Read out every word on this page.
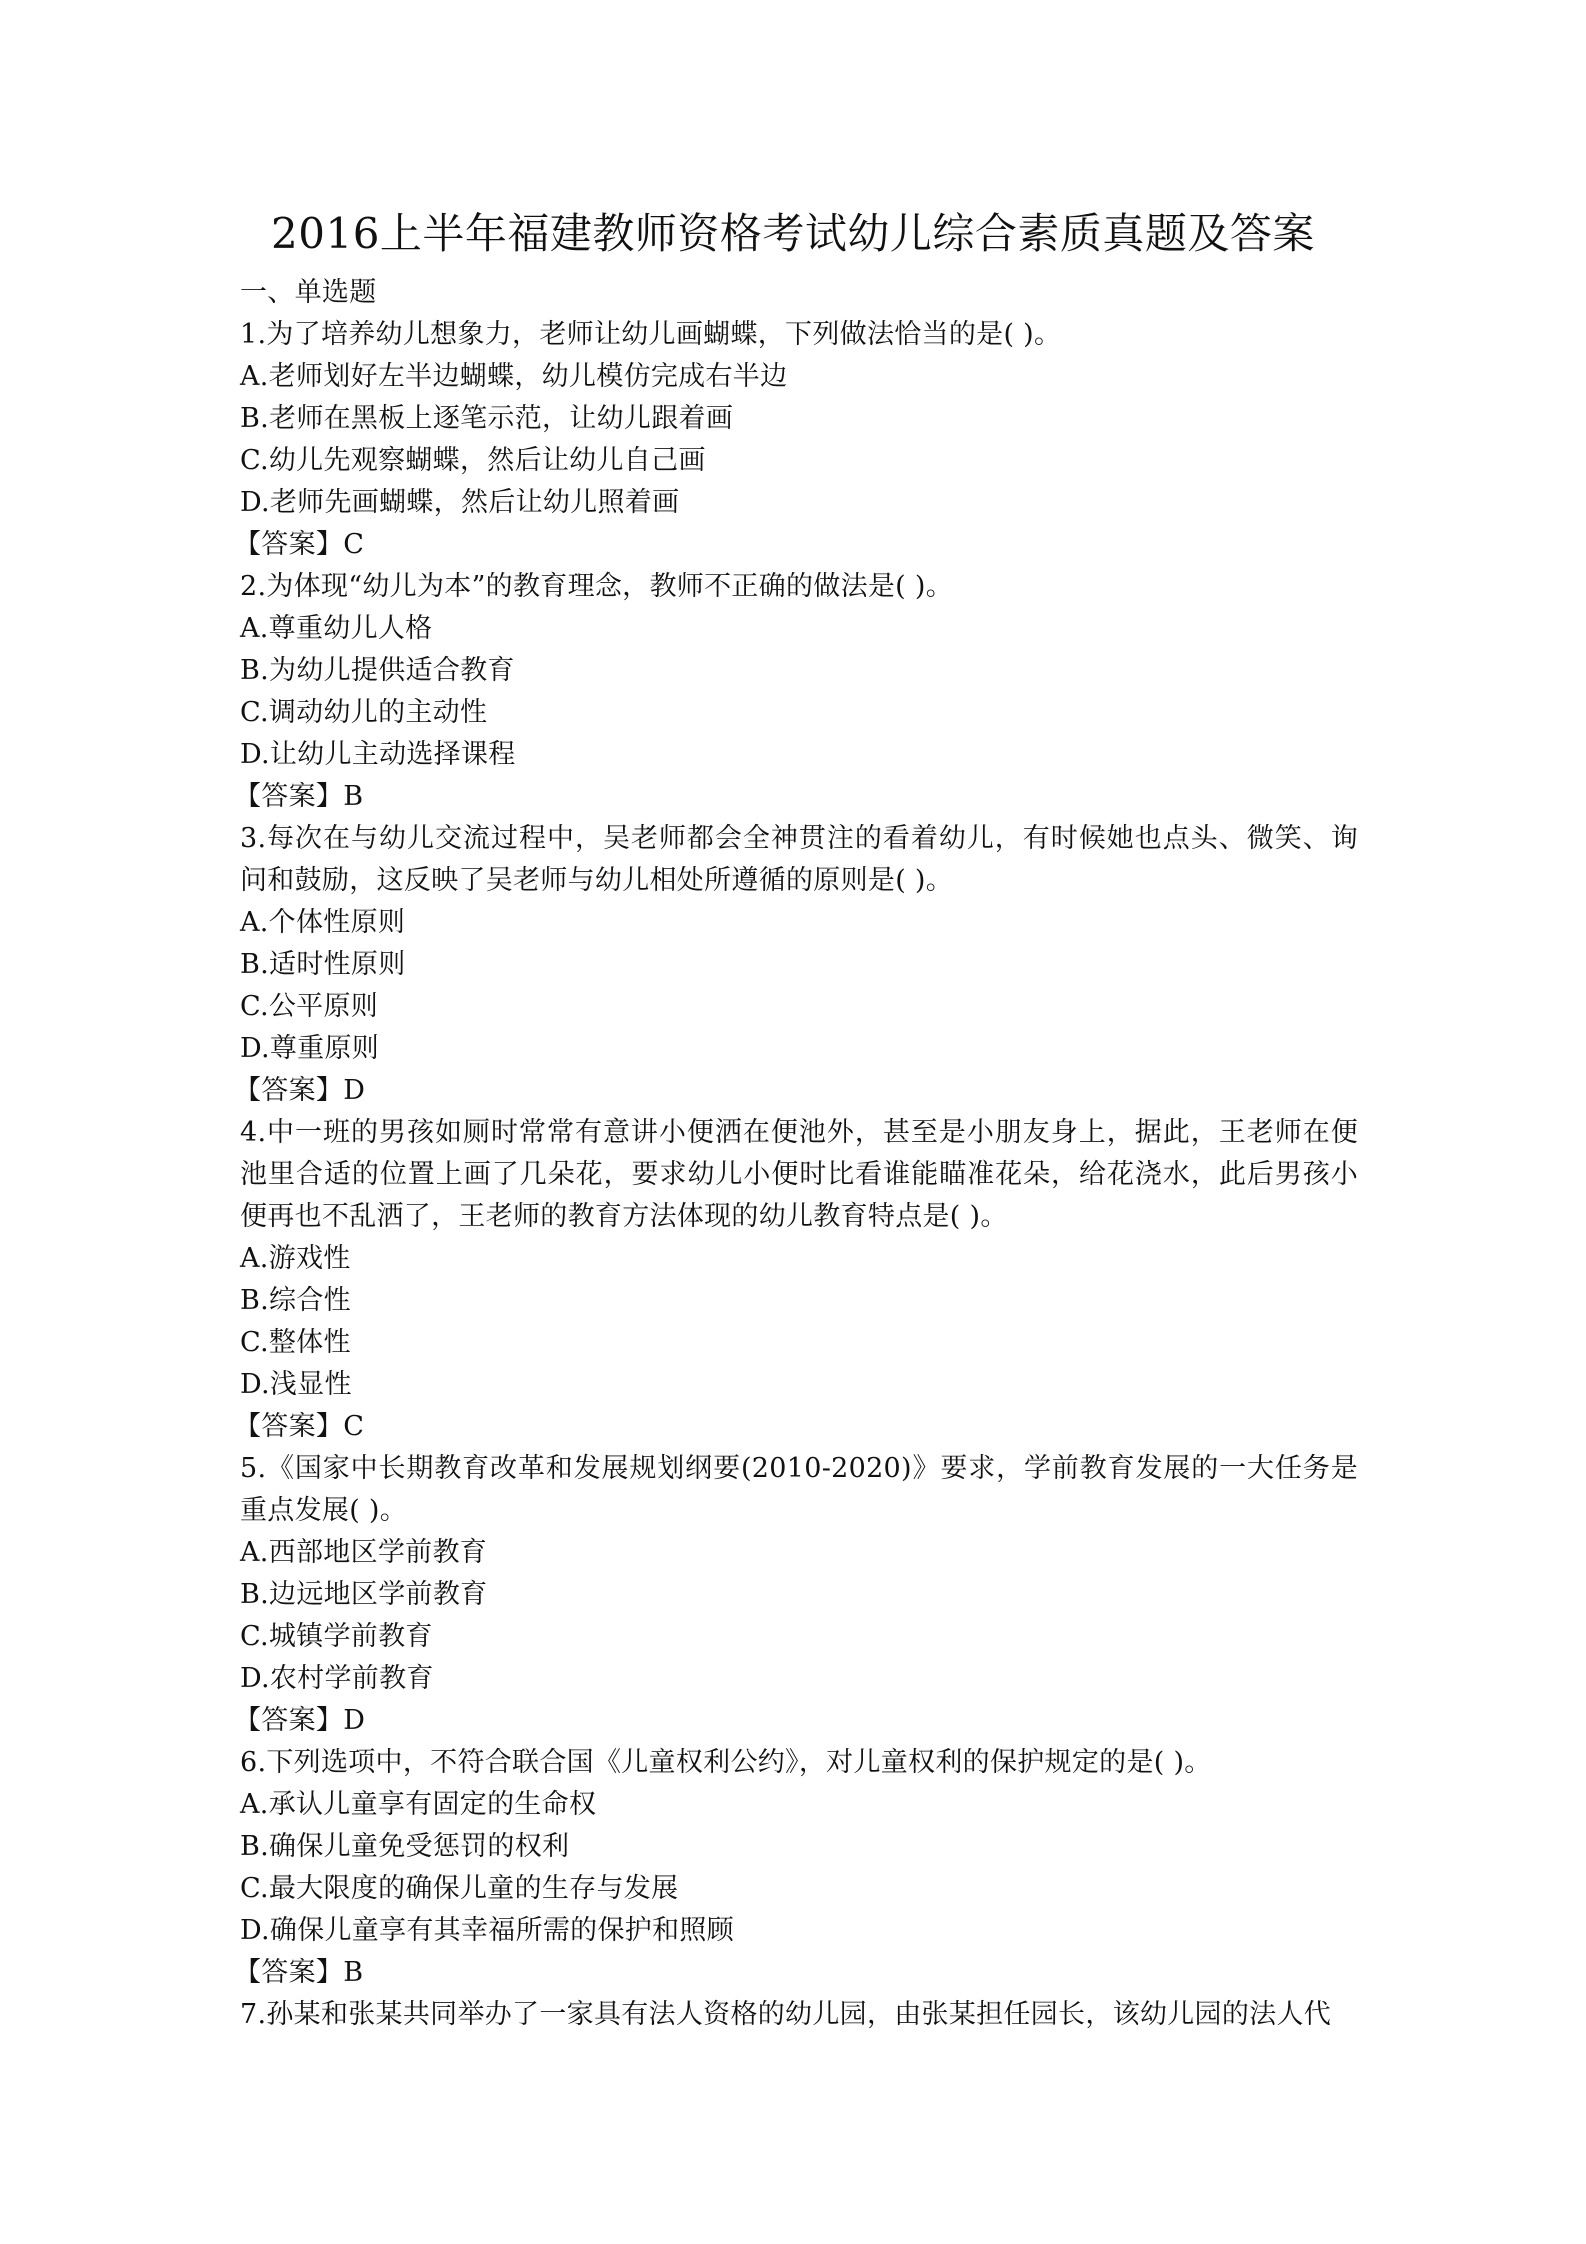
2016上半年福建教师资格考试幼儿综合素质真题及答案
一、单选题
1.为了培养幼儿想象力，老师让幼儿画蝴蝶，下列做法恰当的是( )。
A.老师划好左半边蝴蝶，幼儿模仿完成右半边
B.老师在黑板上逐笔示范，让幼儿跟着画
C.幼儿先观察蝴蝶，然后让幼儿自己画
D.老师先画蝴蝶，然后让幼儿照着画
【答案】C
2.为体现“幼儿为本”的教育理念，教师不正确的做法是( )。
A.尊重幼儿人格
B.为幼儿提供适合教育
C.调动幼儿的主动性
D.让幼儿主动选择课程
【答案】B
3.每次在与幼儿交流过程中，吴老师都会全神贯注的看着幼儿，有时候她也点头、微笑、询问和鼓励，这反映了吴老师与幼儿相处所遵循的原则是( )。
A.个体性原则
B.适时性原则
C.公平原则
D.尊重原则
【答案】D
4.中一班的男孩如厕时常常有意讲小便洒在便池外，甚至是小朋友身上，据此，王老师在便池里合适的位置上画了几朵花，要求幼儿小便时比看谁能瞄准花朵，给花浇水，此后男孩小便再也不乱洒了，王老师的教育方法体现的幼儿教育特点是( )。
A.游戏性
B.综合性
C.整体性
D.浅显性
【答案】C
5.《国家中长期教育改革和发展规划纲要(2010-2020)》要求，学前教育发展的一大任务是重点发展( )。
A.西部地区学前教育
B.边远地区学前教育
C.城镇学前教育
D.农村学前教育
【答案】D
6.下列选项中，不符合联合国《儿童权利公约》，对儿童权利的保护规定的是( )。
A.承认儿童享有固定的生命权
B.确保儿童免受惩罚的权利
C.最大限度的确保儿童的生存与发展
D.确保儿童享有其幸福所需的保护和照顾
【答案】B
7.孙某和张某共同举办了一家具有法人资格的幼儿园，由张某担任园长，该幼儿园的法人代
